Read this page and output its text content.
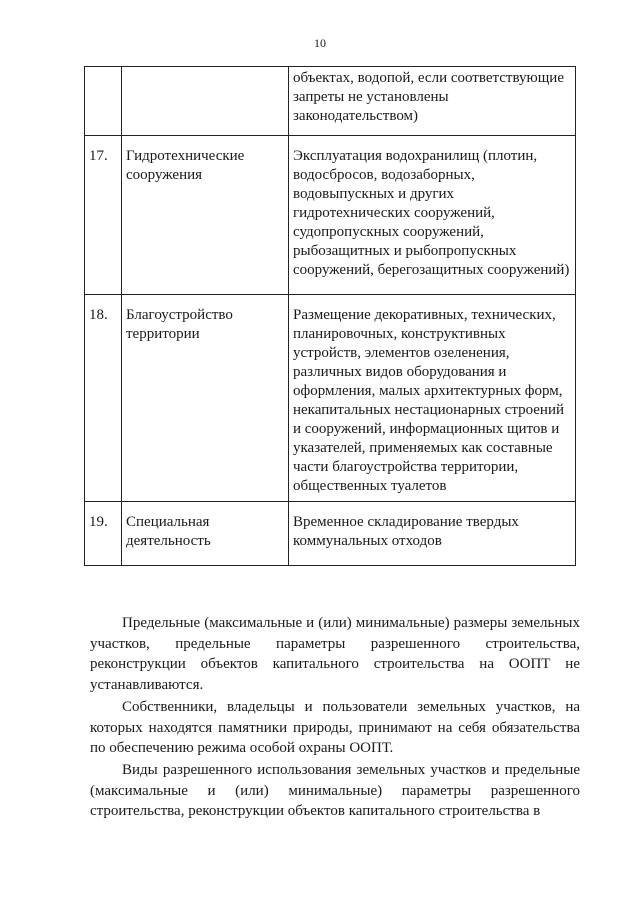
10
		объектах, водопой, если соответствующие запреты не установлены законодательством)
17.	Гидротехнические сооружения	Эксплуатация водохранилищ (плотин, водосбросов, водозаборных, водовыпускных и других гидротехнических сооружений, судопропускных сооружений, рыбозащитных и рыбопропускных сооружений, берегозащитных сооружений)
18.	Благоустройство территории	Размещение декоративных, технических, планировочных, конструктивных устройств, элементов озеленения, различных видов оборудования и оформления, малых архитектурных форм, некапитальных нестационарных строений и сооружений, информационных щитов и указателей, применяемых как составные части благоустройства территории, общественных туалетов
19.	Специальная деятельность	Временное складирование твердых коммунальных отходов

Предельные (максимальные и (или) минимальные) размеры земельных участков, предельные параметры разрешенного строительства, реконструкции объектов капитального строительства на ООПТ не устанавливаются.

Собственники, владельцы и пользователи земельных участков, на которых находятся памятники природы, принимают на себя обязательства по обеспечению режима особой охраны ООПТ.

Виды разрешенного использования земельных участков и предельные (максимальные и (или) минимальные) параметры разрешенного строительства, реконструкции объектов капитального строительства в
